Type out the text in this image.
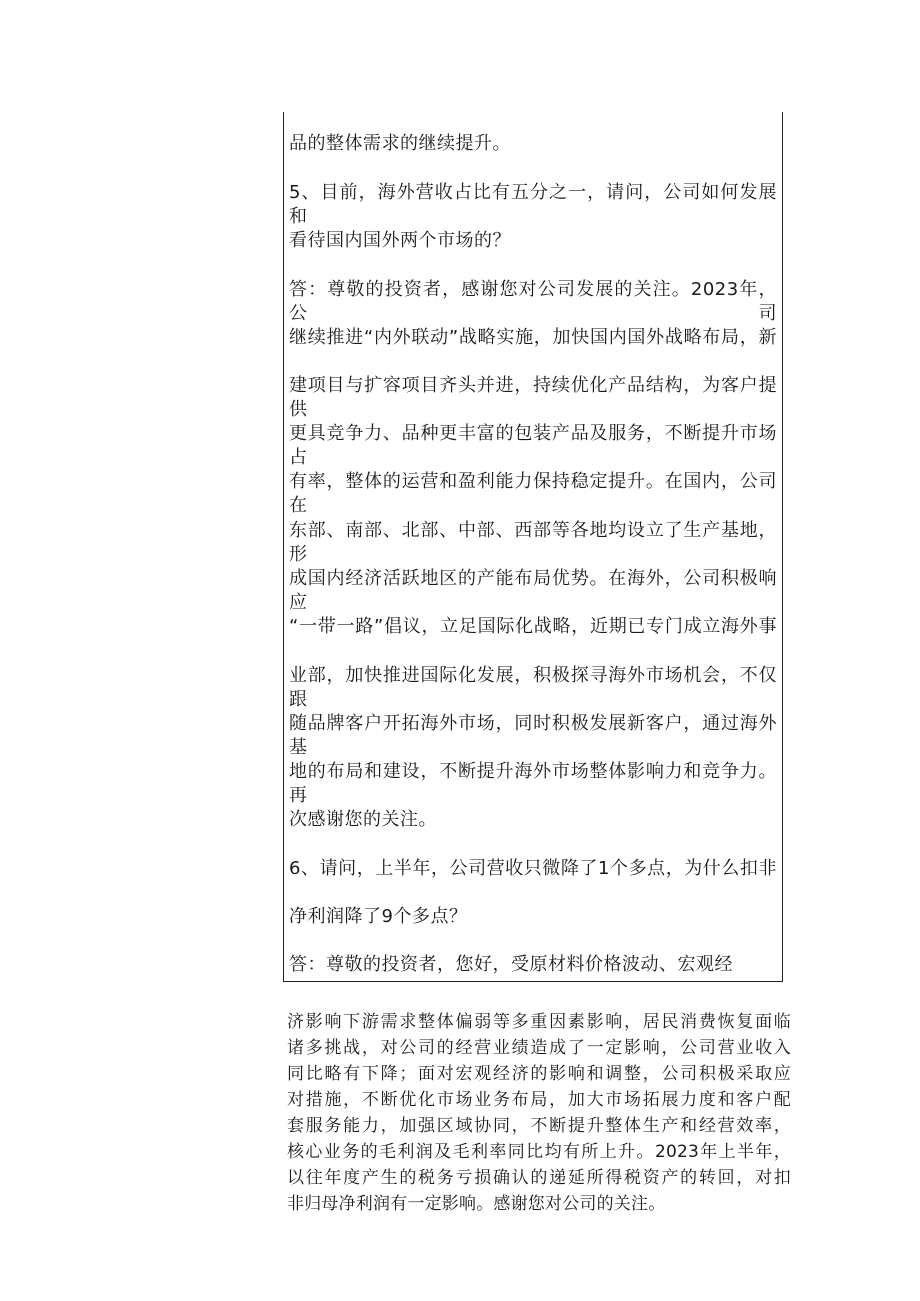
品的整体需求的继续提升。
5、目前，海外营收占比有五分之一，请问，公司如何发展和
看待国内国外两个市场的？
答：尊敬的投资者，感谢您对公司发展的关注。2023年，公司
继续推进“内外联动”战略实施，加快国内国外战略布局，新
建项目与扩容项目齐头并进，持续优化产品结构，为客户提供
更具竞争力、品种更丰富的包装产品及服务，不断提升市场占
有率，整体的运营和盈利能力保持稳定提升。在国内，公司在
东部、南部、北部、中部、西部等各地均设立了生产基地，形
成国内经济活跃地区的产能布局优势。在海外，公司积极响应
“一带一路”倡议，立足国际化战略，近期已专门成立海外事
业部，加快推进国际化发展，积极探寻海外市场机会，不仅跟
随品牌客户开拓海外市场，同时积极发展新客户，通过海外基
地的布局和建设，不断提升海外市场整体影响力和竞争力。再
次感谢您的关注。
6、请问，上半年，公司营收只微降了1个多点，为什么扣非
净利润降了9个多点？
答：尊敬的投资者，您好，受原材料价格波动、宏观经
济影响下游需求整体偏弱等多重因素影响，居民消费恢复面临
诸多挑战，对公司的经营业绩造成了一定影响，公司营业收入
同比略有下降；面对宏观经济的影响和调整，公司积极采取应
对措施，不断优化市场业务布局，加大市场拓展力度和客户配
套服务能力，加强区域协同，不断提升整体生产和经营效率，
核心业务的毛利润及毛利率同比均有所上升。2023年上半年，
以往年度产生的税务亏损确认的递延所得税资产的转回，对扣
非归母净利润有一定影响。感谢您对公司的关注。
